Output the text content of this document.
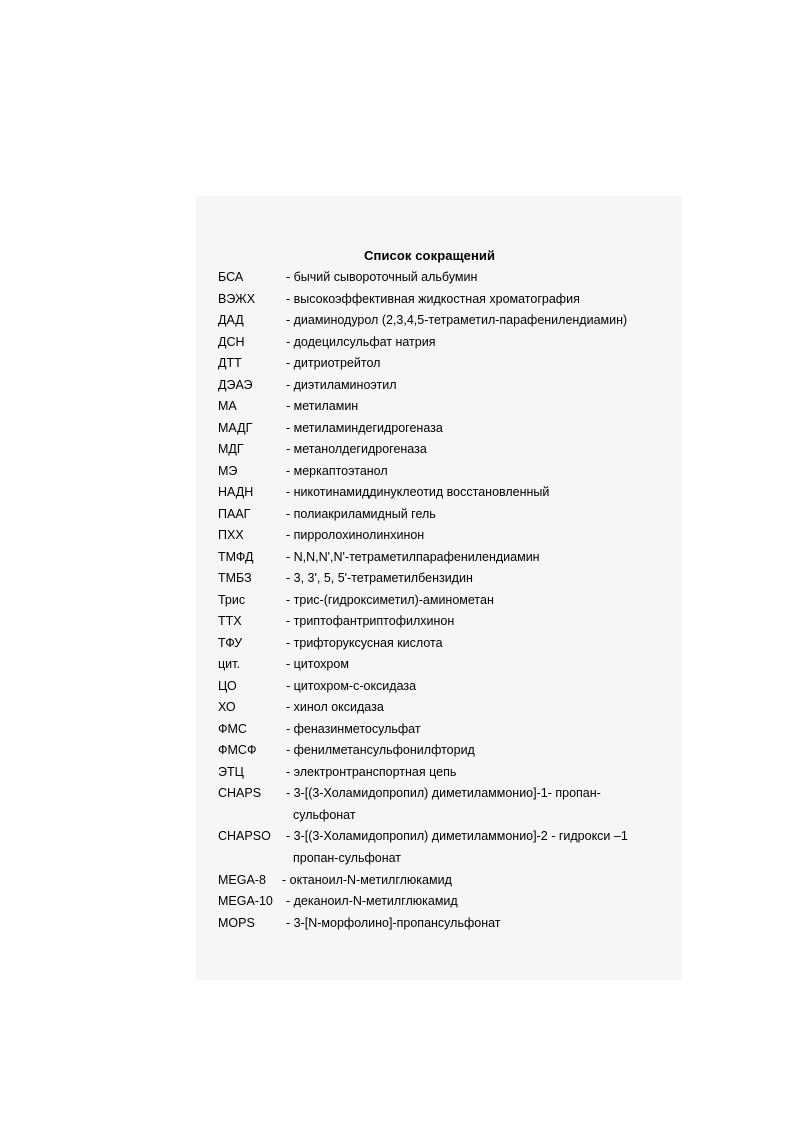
Список сокращений
БСА	- бычий сывороточный альбумин
ВЭЖХ - высокоэффективная жидкостная хроматография
ДАД	- диаминодурол (2,3,4,5-тетраметил-парафенилендиамин)
ДСН	- додецилсульфат натрия
ДТТ	- дитриотрейтол
ДЭАЭ	- диэтиламиноэтил
МА	- метиламин
МАДГ	- метиламиндегидрогеназа
МДГ	- метанолдегидрогеназа
МЭ	- меркаптоэтанол
НАДН	- никотинамиддинуклеотид восстановленный
ПААГ	- полиакриламидный гель
ПХХ	- пирролохинолинхинон
ТМФД	- N,N,N',N'-тетраметилпарафенилендиамин
ТМБЗ	- 3, 3', 5, 5'-тетраметилбензидин
Трис	- трис-(гидроксиметил)-аминометан
ТТХ	- триптофантриптофилхинон
ТФУ	- трифторуксусная кислота
цит.	- цитохром
ЦО	- цитохром-с-оксидаза
ХО	- хинол оксидаза
ФМС	- феназинметосульфат
ФМСФ - фенилметансульфонилфторид
ЭТЦ	- электронтранспортная цепь
CHAPS - 3-[(3-Холамидопропил) диметиламмонио]-1- пропан-
сульфонат
CHAPSO - 3-[(3-Холамидопропил) диметиламмонио]-2 - гидрокси –1
пропан-сульфонат
MEGA-8 - октаноил-N-метилглюкамид
MEGA-10 - деканоил-N-метилглюкамид
MOPS - 3-[N-морфолино]-пропансульфонат
